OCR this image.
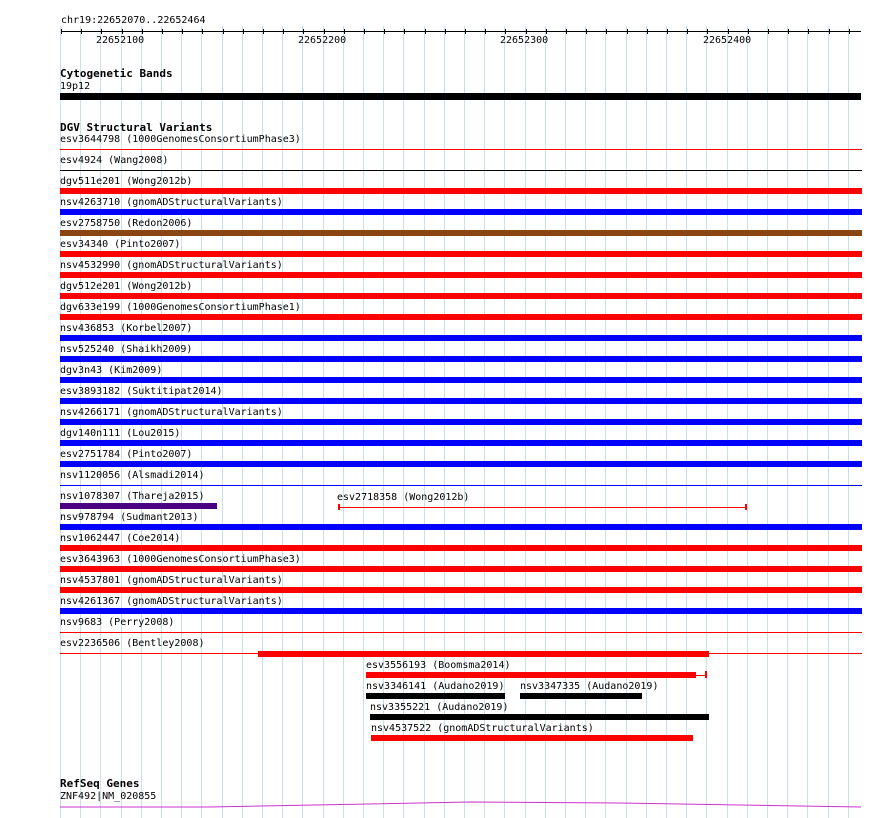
chr19:22652070..22652464
22652100	22652200	22652300	22652400
Cytogenetic Bands
19p12
DGV Structural Variants
esv3644798 (1000GenomesConsortiumPhase3)
esv4924 (Wang2008)
dgv511e201 (Wong2012b)
nsv4263710 (gnomADStructuralVariants)
esv2758750 (Redon2006)
esv34340 (Pinto2007)
nsv4532990 (gnomADStructuralVariants)
dgv512e201 (Wong2012b)
dgv633e199 (1000GenomesConsortiumPhase1)
nsv436853 (Korbel2007)
nsv525240 (Shaikh2009)
dgv3n43 (Kim2009)
esv3893182 (Suktitipat2014)
nsv4266171 (gnomADStructuralVariants)
dgv140n111 (Lou2015)
esv2751784 (Pinto2007)
nsv1120056 (Alsmadi2014)
nsv1078307 (Thareja2015)
nsv978794 (Sudmant2013)
nsv1062447 (Coe2014)
esv3643963 (1000GenomesConsortiumPhase3)
nsv4537801 (gnomADStructuralVariants)
nsv4261367 (gnomADStructuralVariants)
nsv9683 (Perry2008)
esv2236506 (Bentley2008)
esv2718358 (Wong2012b)
esv3556193 (Boomsma2014)
nsv3346141 (Audano2019) nsv3347335 (Audano2019)
nsv3355221 (Audano2019)
nsv4537522 (gnomADStructuralVariants)
RefSeq Genes
ZNF492|NM_020855
